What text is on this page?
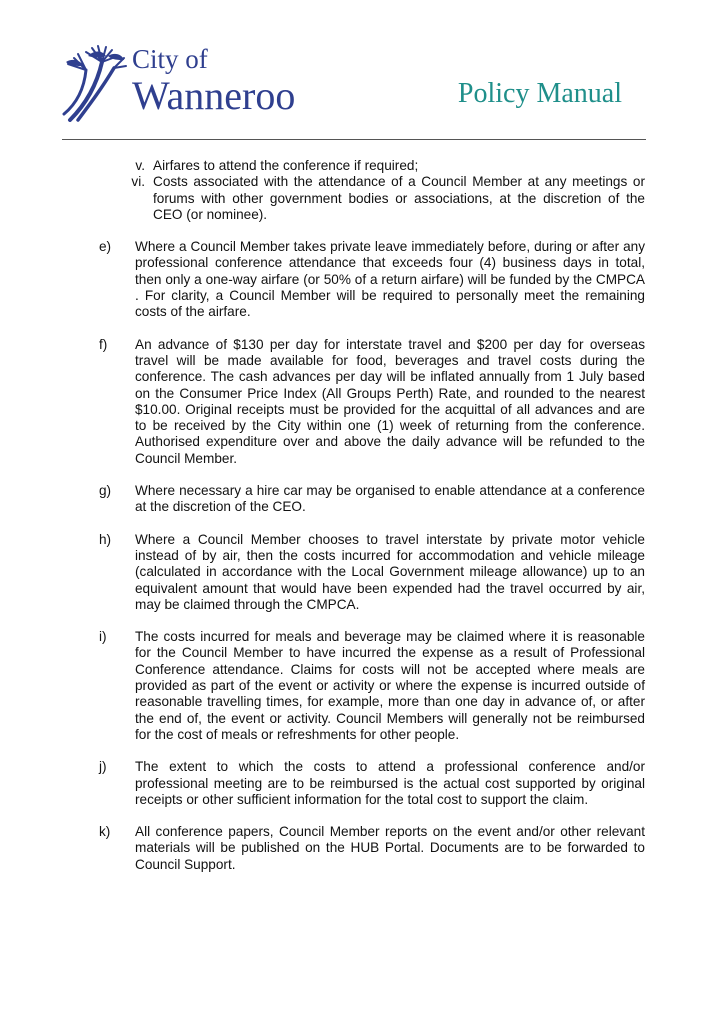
City of
Wanneroo	Policy Manual
v. Airfares to attend the conference if required;
vi. Costs associated with the attendance of a Council Member at any meetings or forums with other government bodies or associations, at the discretion of the CEO (or nominee).
e)	Where a Council Member takes private leave immediately before, during or after any professional conference attendance that exceeds four (4) business days in total, then only a one-way airfare (or 50% of a return airfare) will be funded by the CMPCA . For clarity, a Council Member will be required to personally meet the remaining costs of the airfare.
f)	An advance of $130 per day for interstate travel and $200 per day for overseas travel will be made available for food, beverages and travel costs during the conference. The cash advances per day will be inflated annually from 1 July based on the Consumer Price Index (All Groups Perth) Rate, and rounded to the nearest $10.00. Original receipts must be provided for the acquittal of all advances and are to be received by the City within one (1) week of returning from the conference. Authorised expenditure over and above the daily advance will be refunded to the Council Member.
g)	Where necessary a hire car may be organised to enable attendance at a conference at the discretion of the CEO.
h)	Where a Council Member chooses to travel interstate by private motor vehicle instead of by air, then the costs incurred for accommodation and vehicle mileage (calculated in accordance with the Local Government mileage allowance) up to an equivalent amount that would have been expended had the travel occurred by air, may be claimed through the CMPCA.
i)	The costs incurred for meals and beverage may be claimed where it is reasonable for the Council Member to have incurred the expense as a result of Professional Conference attendance. Claims for costs will not be accepted where meals are provided as part of the event or activity or where the expense is incurred outside of reasonable travelling times, for example, more than one day in advance of, or after the end of, the event or activity. Council Members will generally not be reimbursed for the cost of meals or refreshments for other people.
j)	The extent to which the costs to attend a professional conference and/or professional meeting are to be reimbursed is the actual cost supported by original receipts or other sufficient information for the total cost to support the claim.
k)	All conference papers, Council Member reports on the event and/or other relevant materials will be published on the HUB Portal. Documents are to be forwarded to Council Support.
